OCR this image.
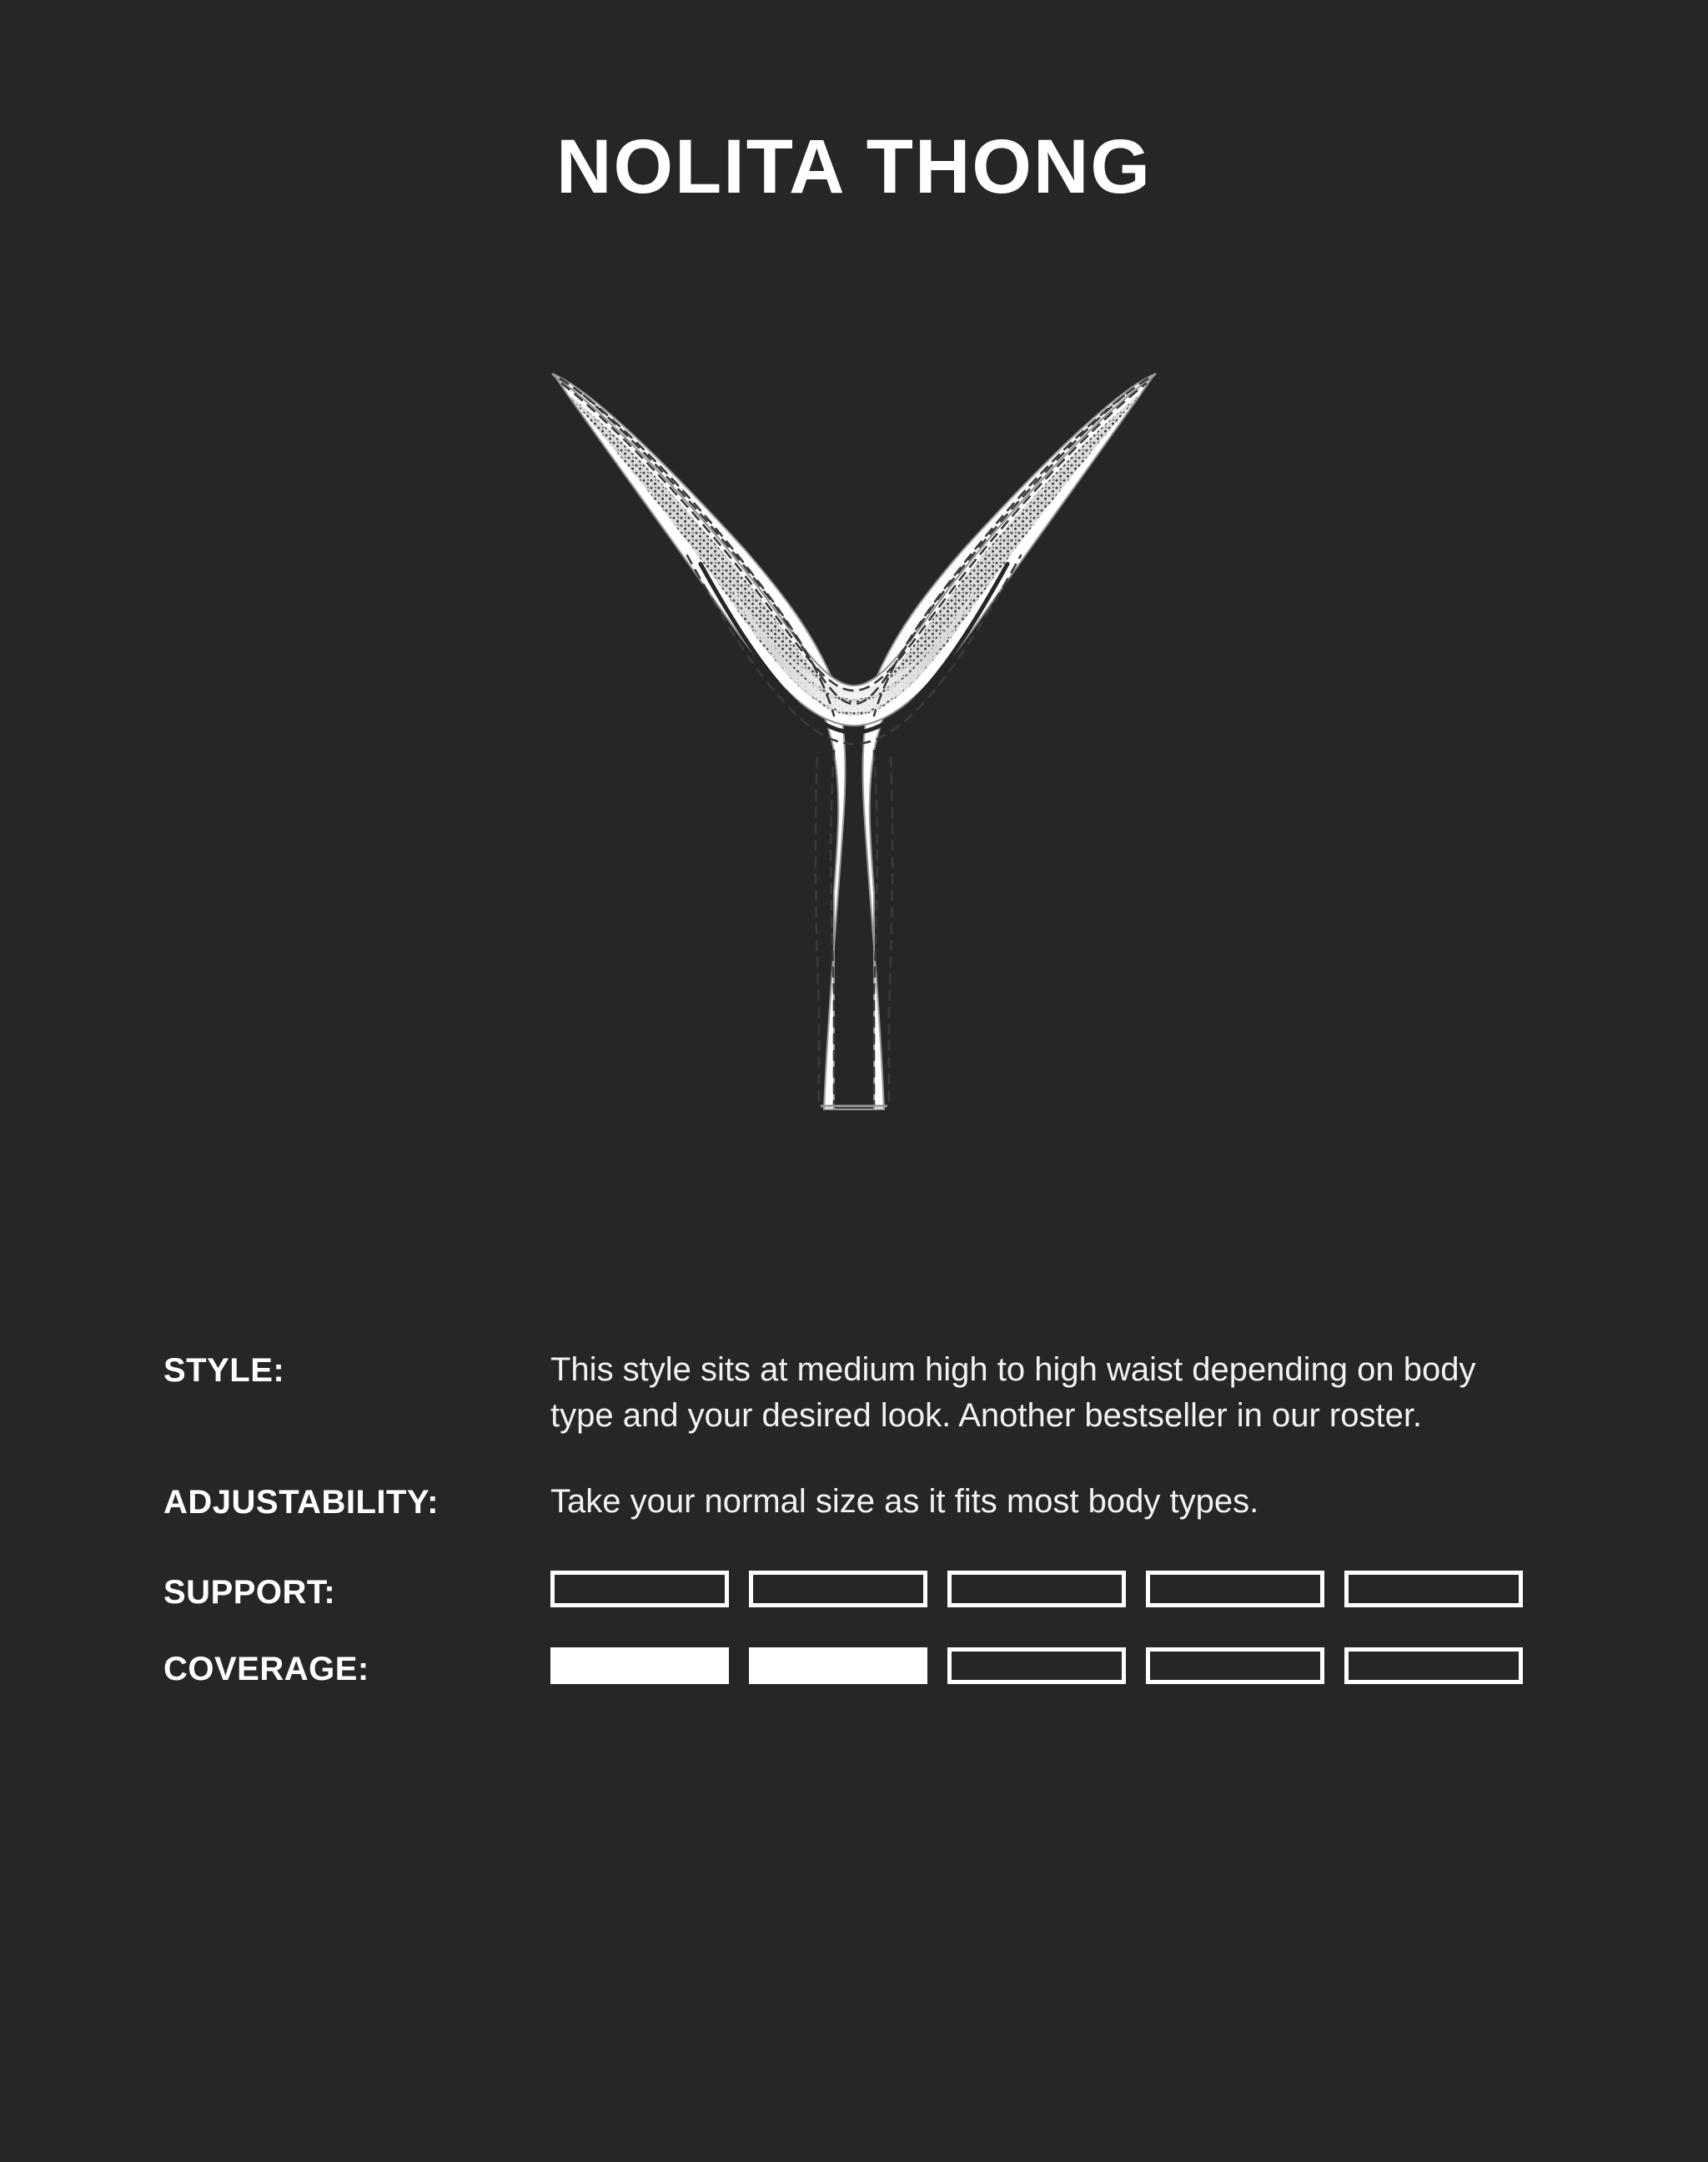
NOLITA THONG
STYLE:	This style sits at medium high to high waist depending on body type and your desired look. Another bestseller in our roster.
ADJUSTABILITY:	Take your normal size as it fits most body types.
SUPPORT:
COVERAGE:
